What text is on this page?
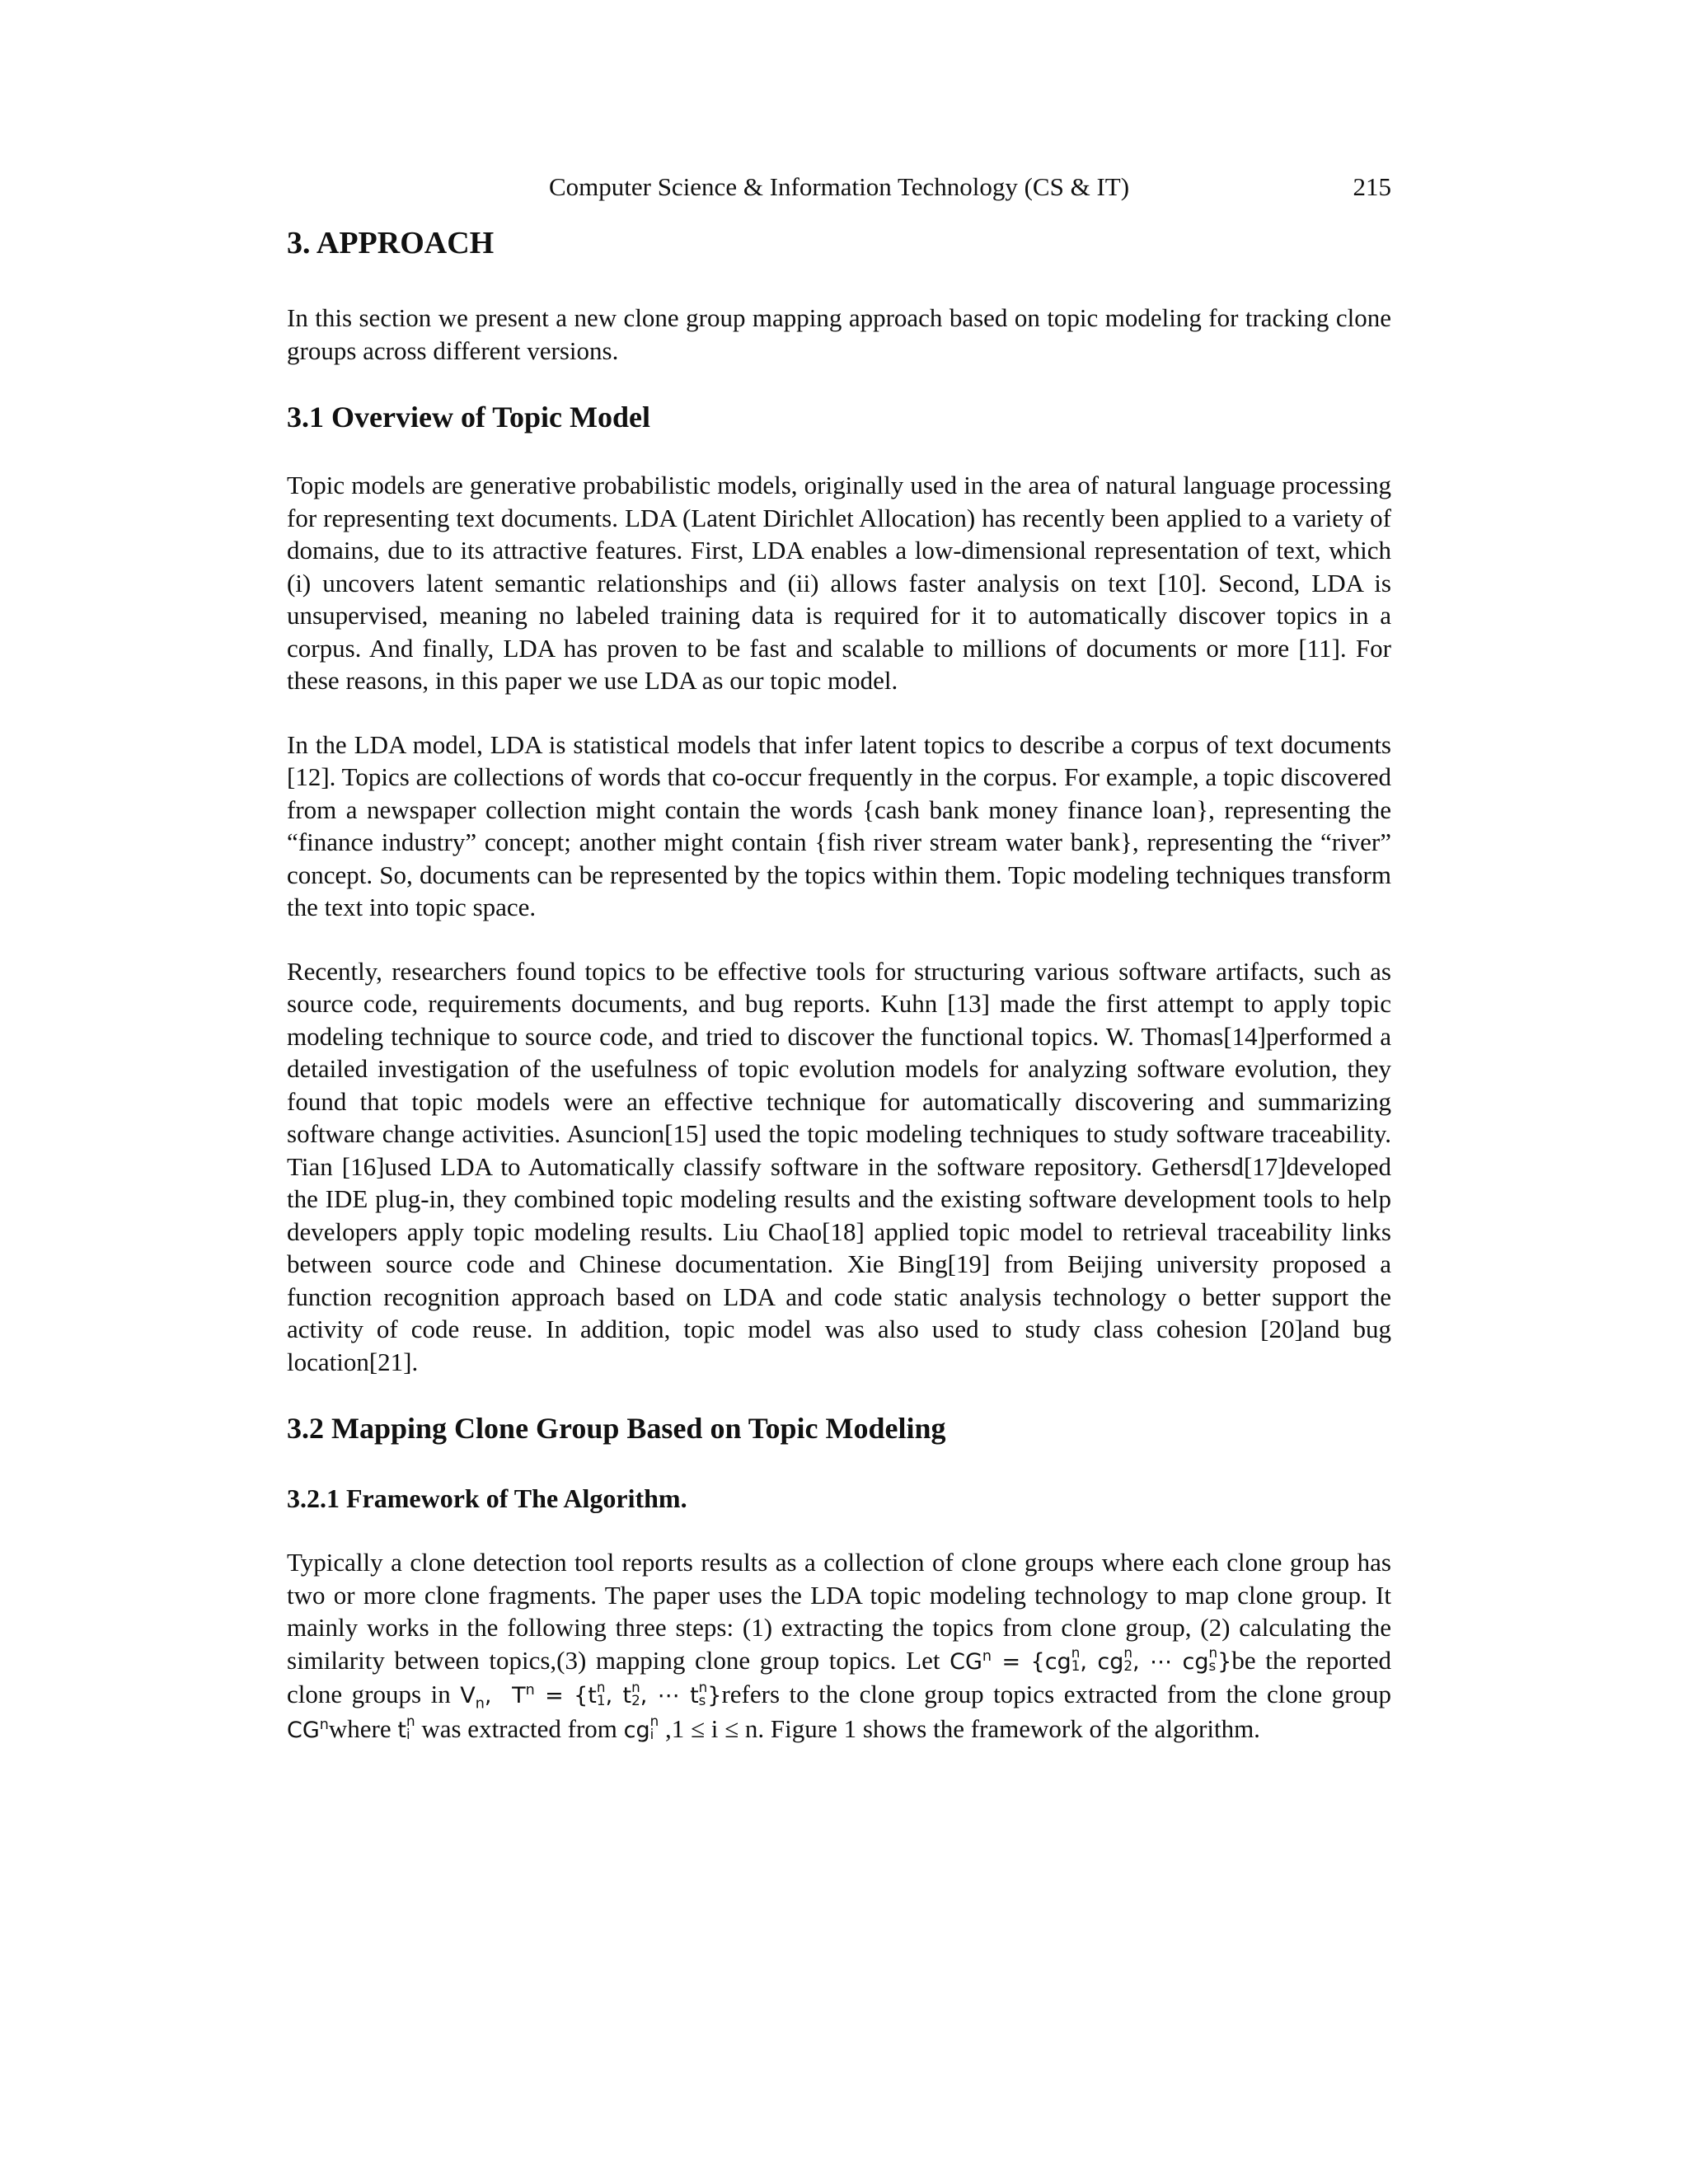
Computer Science & Information Technology (CS & IT)	215
3. APPROACH

In this section we present a new clone group mapping approach based on topic modeling for tracking clone groups across different versions.

3.1 Overview of Topic Model

Topic models are generative probabilistic models, originally used in the area of natural language processing for representing text documents. LDA (Latent Dirichlet Allocation) has recently been applied to a variety of domains, due to its attractive features. First, LDA enables a low-dimensional representation of text, which (i) uncovers latent semantic relationships and (ii) allows faster analysis on text [10]. Second, LDA is unsupervised, meaning no labeled training data is required for it to automatically discover topics in a corpus. And finally, LDA has proven to be fast and scalable to millions of documents or more [11]. For these reasons, in this paper we use LDA as our topic model.

In the LDA model, LDA is statistical models that infer latent topics to describe a corpus of text documents [12]. Topics are collections of words that co-occur frequently in the corpus. For example, a topic discovered from a newspaper collection might contain the words {cash bank money finance loan}, representing the “finance industry” concept; another might contain {fish river stream water bank}, representing the “river” concept. So, documents can be represented by the topics within them. Topic modeling techniques transform the text into topic space.

Recently, researchers found topics to be effective tools for structuring various software artifacts, such as source code, requirements documents, and bug reports. Kuhn [13] made the first attempt to apply topic modeling technique to source code, and tried to discover the functional topics. W. Thomas[14]performed a detailed investigation of the usefulness of topic evolution models for analyzing software evolution, they found that topic models were an effective technique for automatically discovering and summarizing software change activities. Asuncion[15] used the topic modeling techniques to study software traceability. Tian [16]used LDA to Automatically classify software in the software repository. Gethersd[17]developed the IDE plug-in, they combined topic modeling results and the existing software development tools to help developers apply topic modeling results. Liu Chao[18] applied topic model to retrieval traceability links between source code and Chinese documentation. Xie Bing[19] from Beijing university proposed a function recognition approach based on LDA and code static analysis technology o better support the activity of code reuse. In addition, topic model was also used to study class cohesion [20]and bug location[21].

3.2 Mapping Clone Group Based on Topic Modeling
3.2.1 Framework of The Algorithm.

Typically a clone detection tool reports results as a collection of clone groups where each clone group has two or more clone fragments. The paper uses the LDA topic modeling technology to map clone group. It mainly works in the following three steps: (1) extracting the topics from clone group, (2) calculating the similarity between topics,(3) mapping clone group topics. Let $CG^n = \{cg$ n
1 , cg n
2 , ⋯ cg n
s }be the reported clone groups in $V_n$,  $T^n = \{t$ n
1 , t n
2 , ⋯ t n
s }refers to the clone group topics extracted from the clone group $CG^nwhere$ t n
i was extracted from cg n
i ,1 ≤ i ≤ n. Figure 1 shows the framework of the algorithm.
